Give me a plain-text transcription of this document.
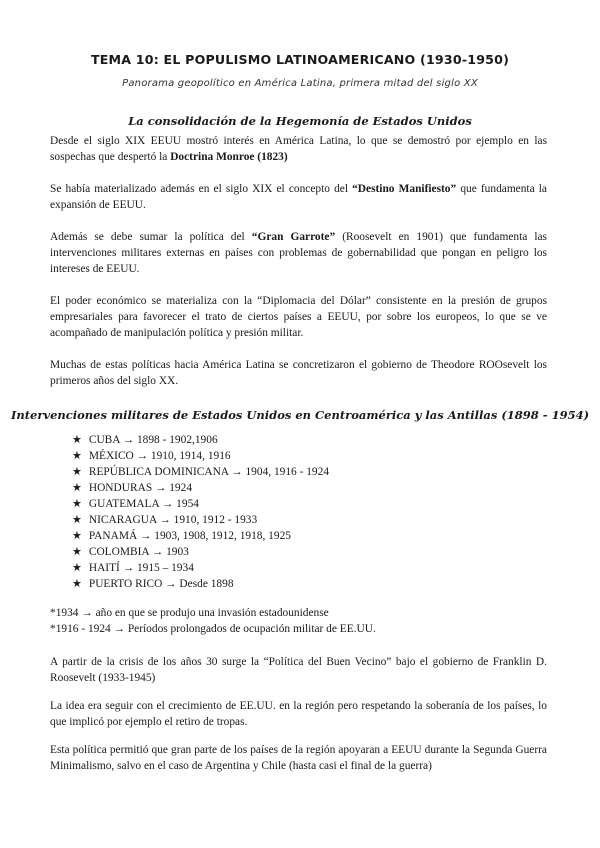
TEMA 10: EL POPULISMO LATINOAMERICANO (1930-1950)
Panorama geopolítico en América Latina, primera mitad del siglo XX
La consolidación de la Hegemonía de Estados Unidos
Desde el siglo XIX EEUU mostró interés en América Latina, lo que se demostró por ejemplo en las sospechas que despertó la Doctrina Monroe (1823)
Se había materializado además en el siglo XIX el concepto del “Destino Manifiesto” que fundamenta la expansión de EEUU.
Además se debe sumar la política del “Gran Garrote” (Roosevelt en 1901) que fundamenta las intervenciones militares externas en países con problemas de gobernabilidad que pongan en peligro los intereses de EEUU.
El poder económico se materializa con la “Diplomacia del Dólar” consistente en la presión de grupos empresariales para favorecer el trato de ciertos países a EEUU, por sobre los europeos, lo que se ve acompañado de manipulación política y presión militar.
Muchas de estas políticas hacia América Latina se concretizaron el gobierno de Theodore ROOsevelt los primeros años del siglo XX.
Intervenciones militares de Estados Unidos en Centroamérica y las Antillas (1898 - 1954)
★ CUBA → 1898 - 1902,1906
★ MÉXICO → 1910, 1914, 1916
★ REPÚBLICA DOMINICANA → 1904, 1916 - 1924
★ HONDURAS → 1924
★ GUATEMALA → 1954
★ NICARAGUA → 1910, 1912 - 1933
★ PANAMÁ → 1903, 1908, 1912, 1918, 1925
★ COLOMBIA → 1903
★ HAITÍ → 1915 – 1934
★ PUERTO RICO → Desde 1898
*1934 → año en que se produjo una invasión estadounidense
*1916 - 1924 → Períodos prolongados de ocupación militar de EE.UU.
A partir de la crisis de los años 30 surge la “Política del Buen Vecino” bajo el gobierno de Franklin D. Roosevelt (1933-1945)
La idea era seguir con el crecimiento de EE.UU. en la región pero respetando la soberanía de los países, lo que implicó por ejemplo el retiro de tropas.
Esta política permitió que gran parte de los países de la región apoyaran a EEUU durante la Segunda Guerra Minimalismo, salvo en el caso de Argentina y Chile (hasta casi el final de la guerra)
